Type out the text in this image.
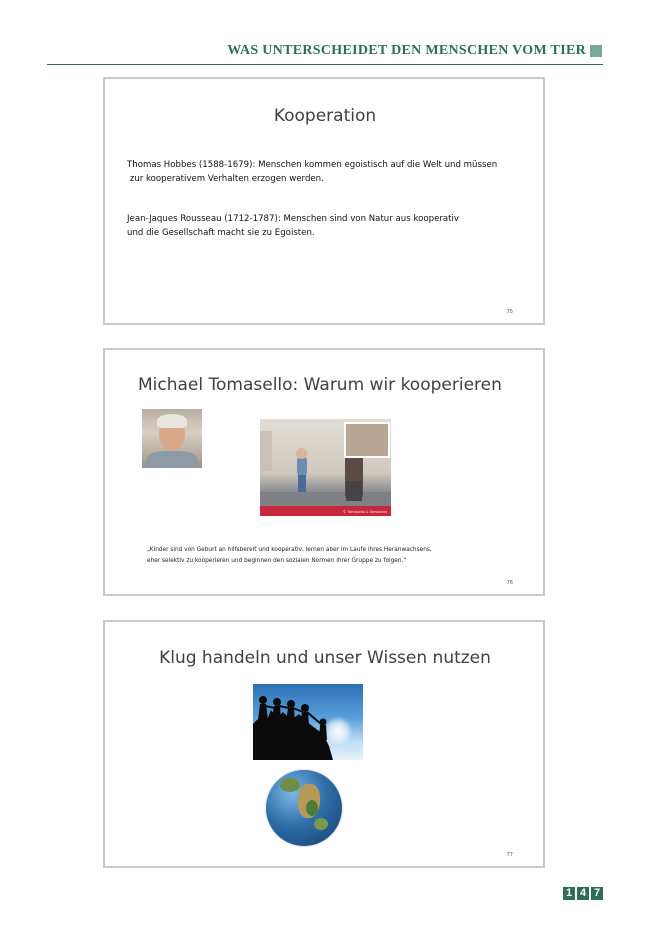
WAS UNTERSCHEIDET DEN MENSCHEN VOM TIER
Kooperation
Thomas Hobbes (1588-1679): Menschen kommen egoistisch auf die Welt und müssen
zur kooperativem Verhalten erzogen werden.
Jean-Jaques Rousseau (1712-1787): Menschen sind von Natur aus kooperativ
und die Gesellschaft macht sie zu Egoisten.
75
Michael Tomasello: Warum wir kooperieren
© Tomasello & Tomasello
„Kinder sind von Geburt an hilfsbereit und kooperativ, lernen aber im Laufe ihres Heranwachsens,
eher selektiv zu kooperieren und beginnen den sozialen Normen ihrer Gruppe zu folgen.“
76
Klug handeln und unser Wissen nutzen
77
1 4 7
